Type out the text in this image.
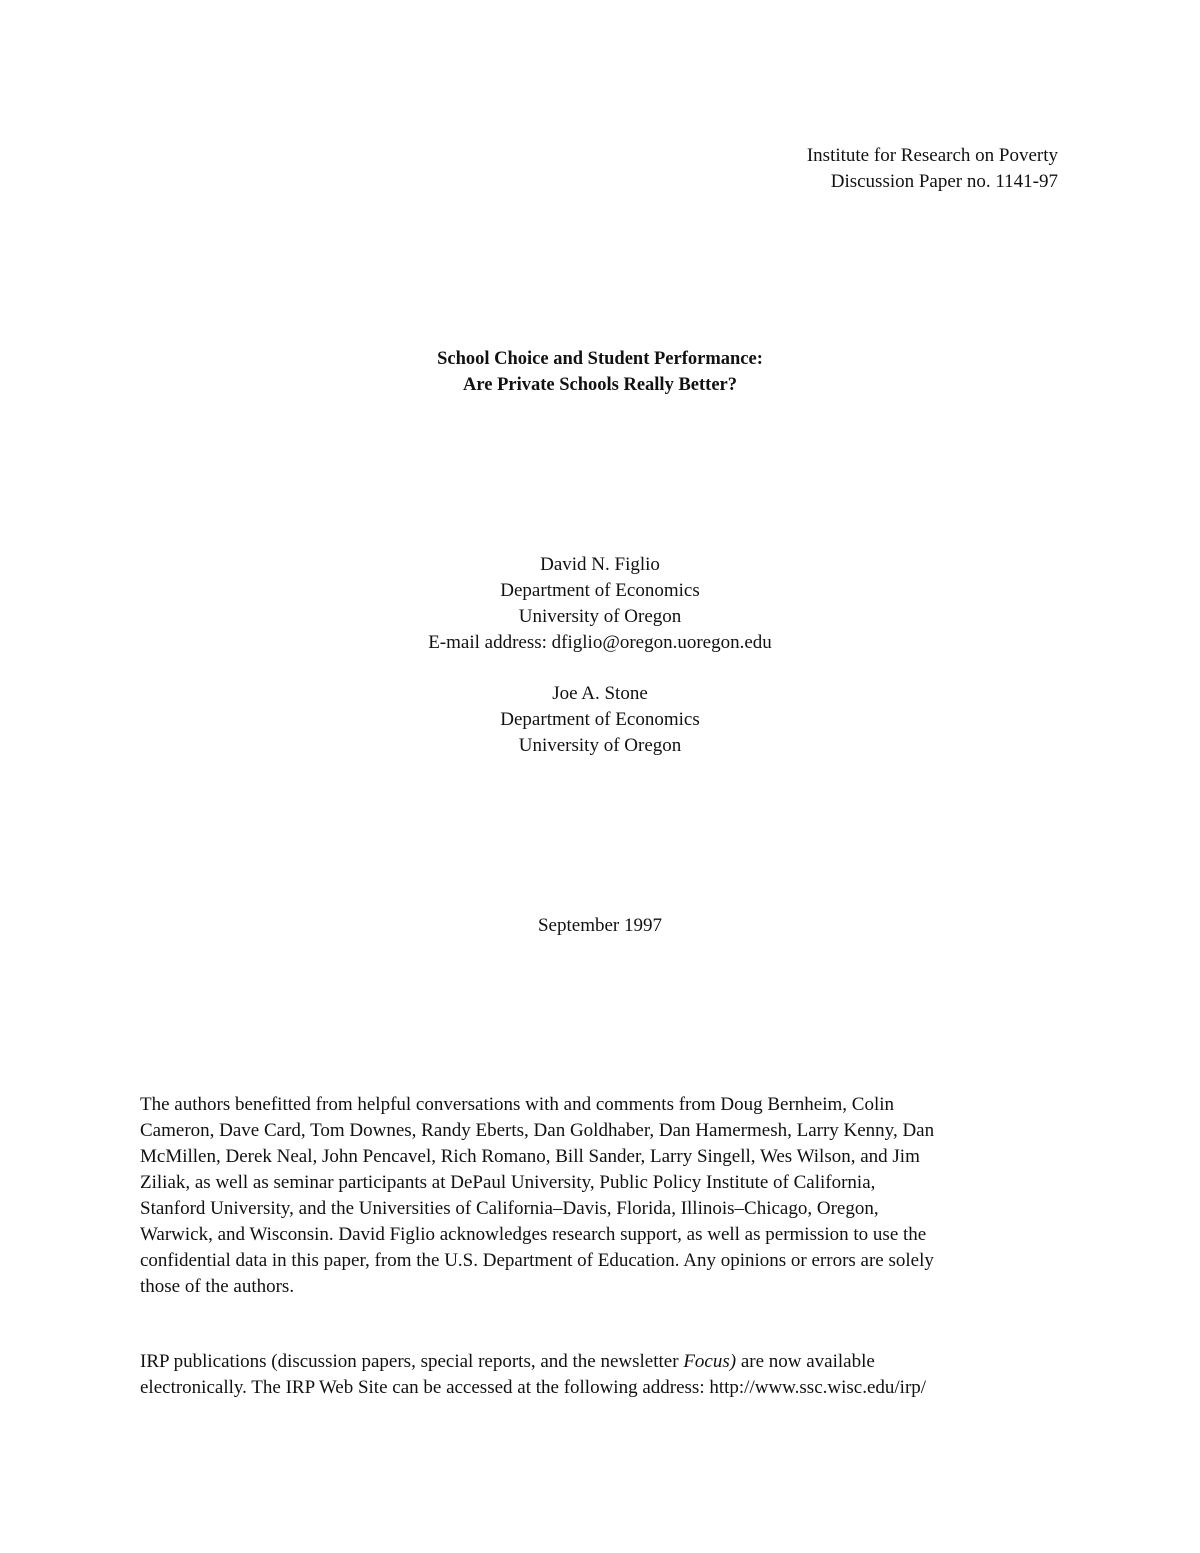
Institute for Research on Poverty
Discussion Paper no. 1141-97
School Choice and Student Performance:
Are Private Schools Really Better?
David N. Figlio
Department of Economics
University of Oregon
E-mail address: dfiglio@oregon.uoregon.edu
Joe A. Stone
Department of Economics
University of Oregon
September 1997
The authors benefitted from helpful conversations with and comments from Doug Bernheim, Colin
Cameron, Dave Card, Tom Downes, Randy Eberts, Dan Goldhaber, Dan Hamermesh, Larry Kenny, Dan
McMillen, Derek Neal, John Pencavel, Rich Romano, Bill Sander, Larry Singell, Wes Wilson, and Jim
Ziliak, as well as seminar participants at DePaul University, Public Policy Institute of California,
Stanford University, and the Universities of California–Davis, Florida, Illinois–Chicago, Oregon,
Warwick, and Wisconsin. David Figlio acknowledges research support, as well as permission to use the
confidential data in this paper, from the U.S. Department of Education. Any opinions or errors are solely
those of the authors.
IRP publications (discussion papers, special reports, and the newsletter Focus) are now available
electronically. The IRP Web Site can be accessed at the following address: http://www.ssc.wisc.edu/irp/
